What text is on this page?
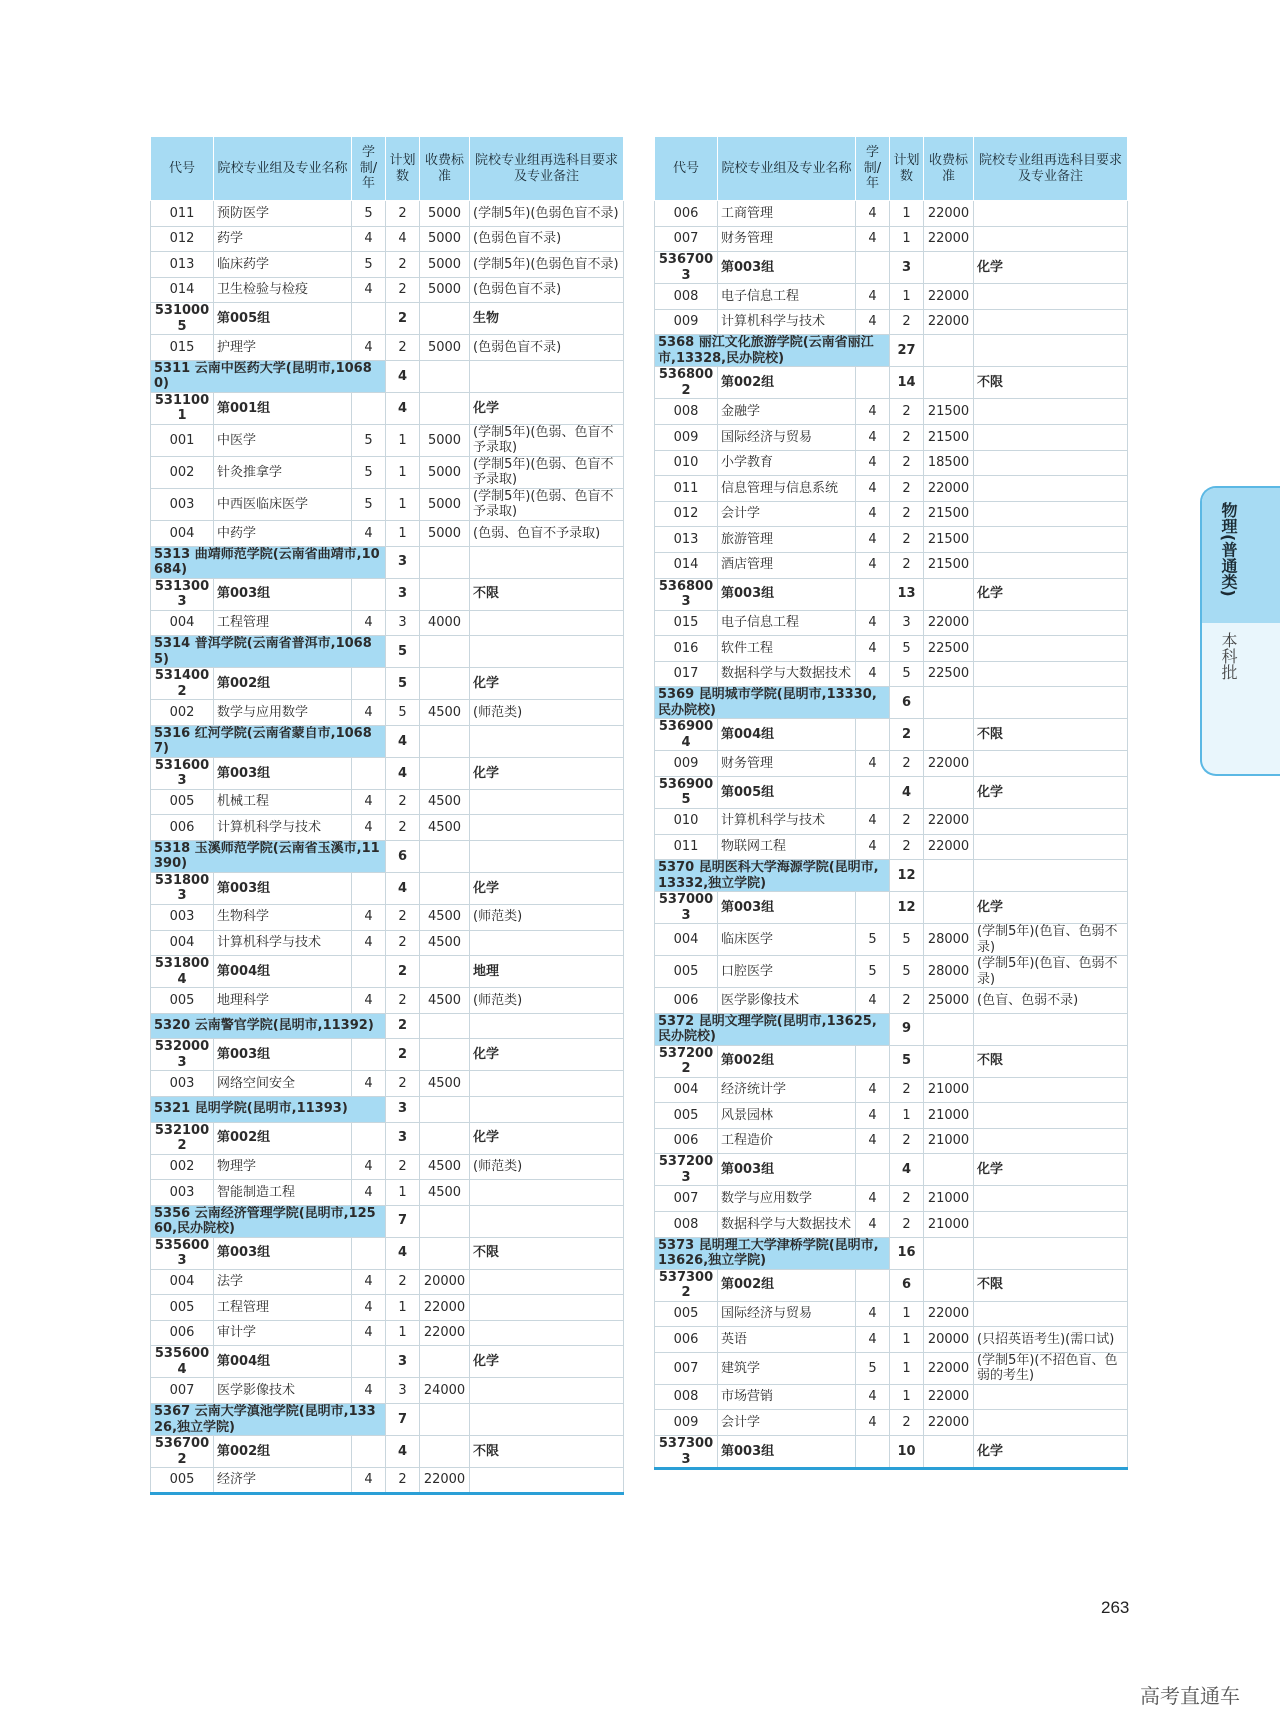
代号	院校专业组及专业名称	学制/年	计划数	收费标准	院校专业组再选科目要求及专业备注
011	预防医学	5	2	5000	(学制5年)(色弱色盲不录)
012	药学	4	4	5000	(色弱色盲不录)
013	临床药学	5	2	5000	(学制5年)(色弱色盲不录)
014	卫生检验与检疫	4	2	5000	(色弱色盲不录)
5310005	第005组		2		生物
015	护理学	4	2	5000	(色弱色盲不录)
5311 云南中医药大学(昆明市,10680)			4		
5311001	第001组		4		化学
001	中医学	5	1	5000	(学制5年)(色弱、色盲不予录取)
002	针灸推拿学	5	1	5000	(学制5年)(色弱、色盲不予录取)
003	中西医临床医学	5	1	5000	(学制5年)(色弱、色盲不予录取)
004	中药学	4	1	5000	(色弱、色盲不予录取)
5313 曲靖师范学院(云南省曲靖市,10684)			3		
5313003	第003组		3		不限
004	工程管理	4	3	4000	
5314 普洱学院(云南省普洱市,10685)			5		
5314002	第002组		5		化学
002	数学与应用数学	4	5	4500	(师范类)
5316 红河学院(云南省蒙自市,10687)			4		
5316003	第003组		4		化学
005	机械工程	4	2	4500	
006	计算机科学与技术	4	2	4500	
5318 玉溪师范学院(云南省玉溪市,11390)			6		
5318003	第003组		4		化学
003	生物科学	4	2	4500	(师范类)
004	计算机科学与技术	4	2	4500	
5318004	第004组		2		地理
005	地理科学	4	2	4500	(师范类)
5320 云南警官学院(昆明市,11392)			2		
5320003	第003组		2		化学
003	网络空间安全	4	2	4500	
5321 昆明学院(昆明市,11393)			3		
5321002	第002组		3		化学
002	物理学	4	2	4500	(师范类)
003	智能制造工程	4	1	4500	
5356 云南经济管理学院(昆明市,12560,民办院校)			7		
5356003	第003组		4		不限
004	法学	4	2	20000	
005	工程管理	4	1	22000	
006	审计学	4	1	22000	
5356004	第004组		3		化学
007	医学影像技术	4	3	24000	
5367 云南大学滇池学院(昆明市,13326,独立学院)			7		
5367002	第002组		4		不限
005	经济学	4	2	22000	
代号	院校专业组及专业名称	学制/年	计划数	收费标准	院校专业组再选科目要求及专业备注
006	工商管理	4	1	22000	
007	财务管理	4	1	22000	
5367003	第003组		3		化学
008	电子信息工程	4	1	22000	
009	计算机科学与技术	4	2	22000	
5368 丽江文化旅游学院(云南省丽江市,13328,民办院校)			27		
5368002	第002组		14		不限
008	金融学	4	2	21500	
009	国际经济与贸易	4	2	21500	
010	小学教育	4	2	18500	
011	信息管理与信息系统	4	2	22000	
012	会计学	4	2	21500	
013	旅游管理	4	2	21500	
014	酒店管理	4	2	21500	
5368003	第003组		13		化学
015	电子信息工程	4	3	22000	
016	软件工程	4	5	22500	
017	数据科学与大数据技术	4	5	22500	
5369 昆明城市学院(昆明市,13330,民办院校)			6		
5369004	第004组		2		不限
009	财务管理	4	2	22000	
5369005	第005组		4		化学
010	计算机科学与技术	4	2	22000	
011	物联网工程	4	2	22000	
5370 昆明医科大学海源学院(昆明市,13332,独立学院)			12		
5370003	第003组		12		化学
004	临床医学	5	5	28000	(学制5年)(色盲、色弱不录)
005	口腔医学	5	5	28000	(学制5年)(色盲、色弱不录)
006	医学影像技术	4	2	25000	(色盲、色弱不录)
5372 昆明文理学院(昆明市,13625,民办院校)			9		
5372002	第002组		5		不限
004	经济统计学	4	2	21000	
005	风景园林	4	1	21000	
006	工程造价	4	2	21000	
5372003	第003组		4		化学
007	数学与应用数学	4	2	21000	
008	数据科学与大数据技术	4	2	21000	
5373 昆明理工大学津桥学院(昆明市,13626,独立学院)			16		
5373002	第002组		6		不限
005	国际经济与贸易	4	1	22000	
006	英语	4	1	20000	(只招英语考生)(需口试)
007	建筑学	5	1	22000	(学制5年)(不招色盲、色弱的考生)
008	市场营销	4	1	22000	
009	会计学	4	2	22000	
5373003	第003组		10		化学
物理(普通类)
本科批
263
高考直通车
